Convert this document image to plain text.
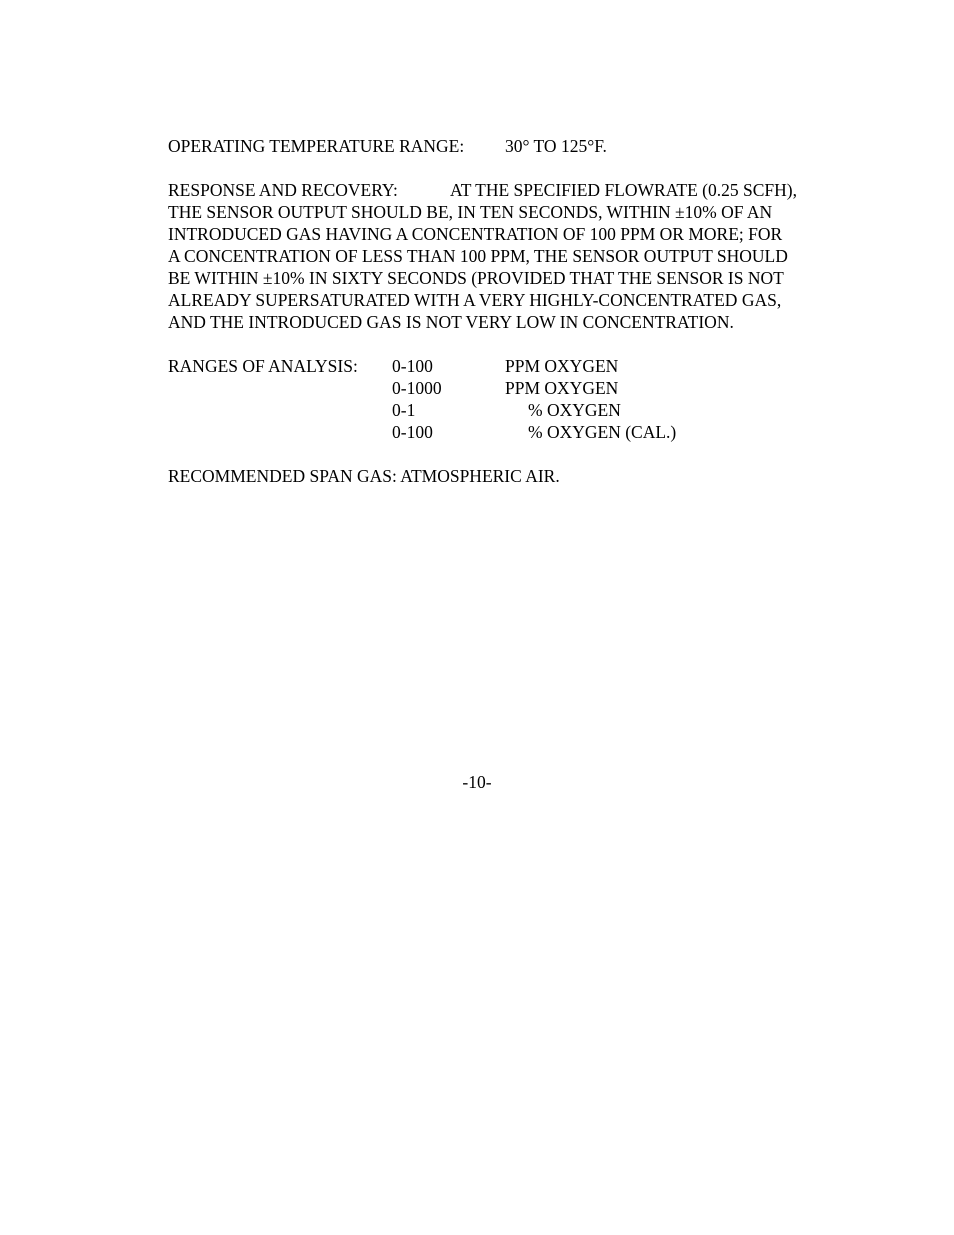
OPERATING TEMPERATURE RANGE: 30° TO 125°F.
RESPONSE AND RECOVERY:	AT THE SPECIFIED FLOWRATE (0.25 SCFH),
THE SENSOR OUTPUT SHOULD BE, IN TEN SECONDS, WITHIN ±10% OF AN
INTRODUCED GAS HAVING A CONCENTRATION OF 100 PPM OR MORE; FOR
A CONCENTRATION OF LESS THAN 100 PPM, THE SENSOR OUTPUT SHOULD
BE WITHIN ±10% IN SIXTY SECONDS (PROVIDED THAT THE SENSOR IS NOT
ALREADY SUPERSATURATED WITH A VERY HIGHLY-CONCENTRATED GAS,
AND THE INTRODUCED GAS IS NOT VERY LOW IN CONCENTRATION.
RANGES OF ANALYSIS: 0-100	PPM OXYGEN
0-1000	PPM OXYGEN
0-1	% OXYGEN
0-100	% OXYGEN (CAL.)
RECOMMENDED SPAN GAS: ATMOSPHERIC AIR.
-10-
